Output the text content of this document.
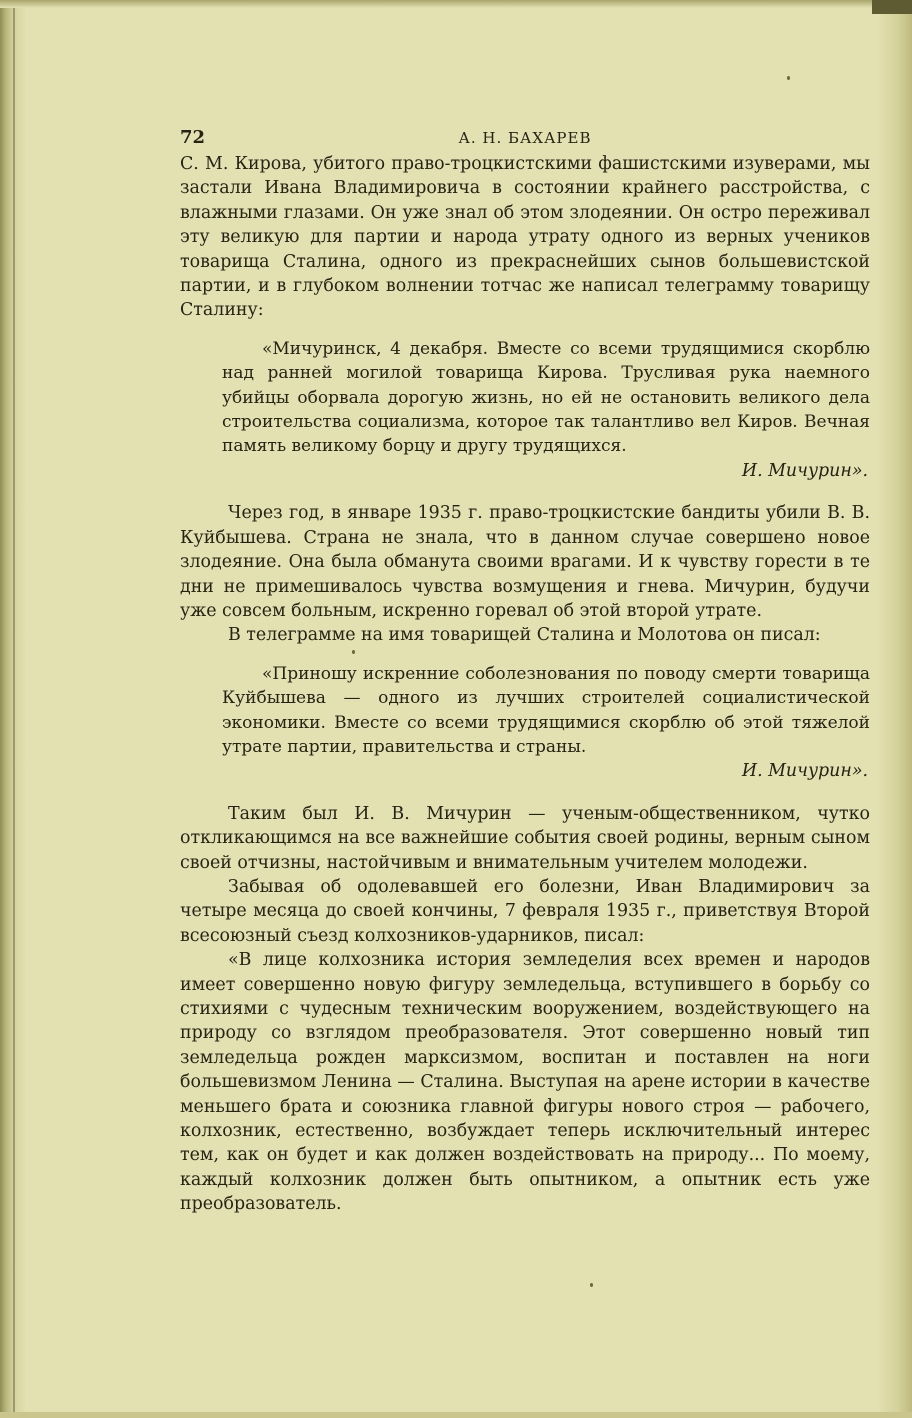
72	А. Н. БАХАРЕВ

С. М. Кирова, убитого право-троцкистскими фашистскими изуверами, мы застали Ивана Владимировича в состоянии крайнего расстройства, с влажными глазами. Он уже знал об этом злодеянии. Он остро переживал эту великую для партии и народа утрату одного из верных учеников товарища Сталина, одного из прекраснейших сынов большевистской партии, и в глубоком волнении тотчас же написал телеграмму товарищу Сталину:

«Мичуринск, 4 декабря. Вместе со всеми трудящимися скорблю над ранней могилой товарища Кирова. Трусливая рука наемного убийцы оборвала дорогую жизнь, но ей не остановить великого дела строительства социализма, которое так талантливо вел Киров. Вечная память великому борцу и другу трудящихся.

И. Мичурин».

Через год, в январе 1935 г. право-троцкистские бандиты убили В. В. Куйбышева. Страна не знала, что в данном случае совершено новое злодеяние. Она была обманута своими врагами. И к чувству горести в те дни не примешивалось чувства возмущения и гнева. Мичурин, будучи уже совсем больным, искренно горевал об этой второй утрате.

В телеграмме на имя товарищей Сталина и Молотова он писал:

«Приношу искренние соболезнования по поводу смерти товарища Куйбышева — одного из лучших строителей социалистической экономики. Вместе со всеми трудящимися скорблю об этой тяжелой утрате партии, правительства и страны.

И. Мичурин».

Таким был И. В. Мичурин — ученым-общественником, чутко откликающимся на все важнейшие события своей родины, верным сыном своей отчизны, настойчивым и внимательным учителем молодежи.

Забывая об одолевавшей его болезни, Иван Владимирович за четыре месяца до своей кончины, 7 февраля 1935 г., приветствуя Второй всесоюзный съезд колхозников-ударников, писал:

«В лице колхозника история земледелия всех времен и народов имеет совершенно новую фигуру земледельца, вступившего в борьбу со стихиями с чудесным техническим вооружением, воздействующего на природу со взглядом преобразователя. Этот совершенно новый тип земледельца рожден марксизмом, воспитан и поставлен на ноги большевизмом Ленина — Сталина. Выступая на арене истории в качестве меньшего брата и союзника главной фигуры нового строя — рабочего, колхозник, естественно, возбуждает теперь исключительный интерес тем, как он будет и как должен воздействовать на природу... По моему, каждый колхозник должен быть опытником, а опытник есть уже преобразователь.
